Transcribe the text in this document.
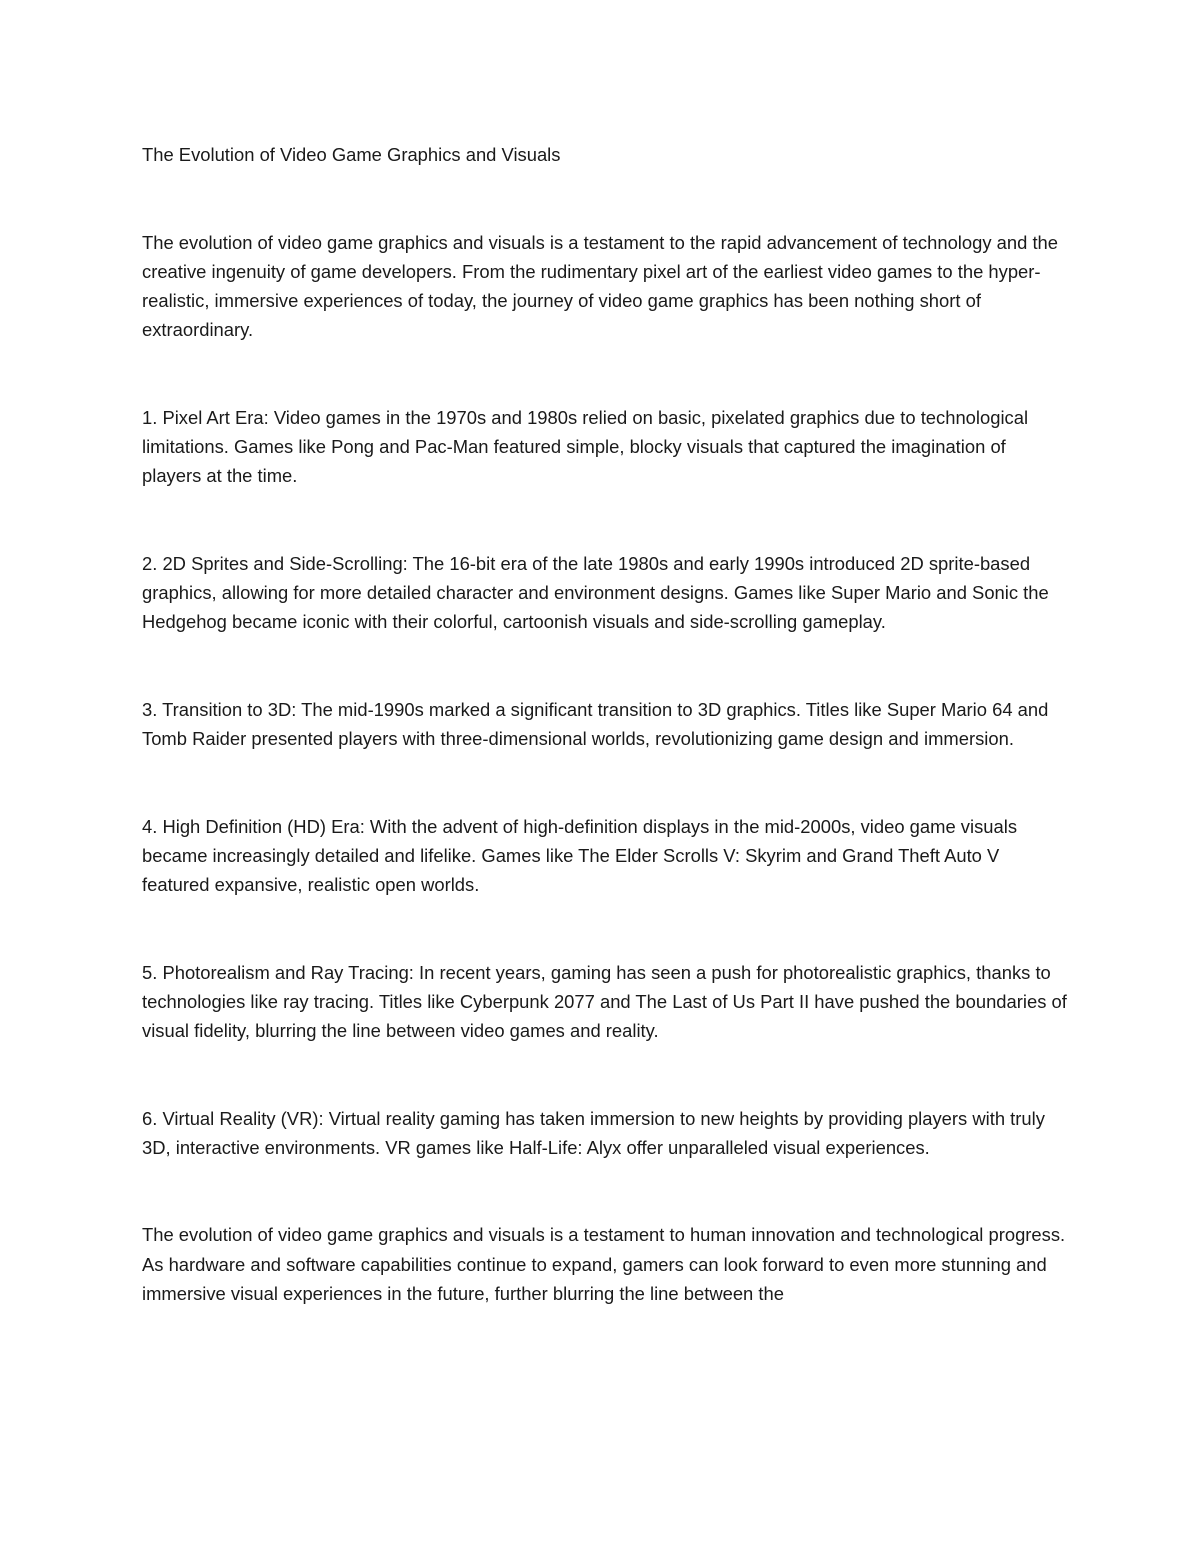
The Evolution of Video Game Graphics and Visuals
The evolution of video game graphics and visuals is a testament to the rapid advancement of technology and the creative ingenuity of game developers. From the rudimentary pixel art of the earliest video games to the hyper-realistic, immersive experiences of today, the journey of video game graphics has been nothing short of extraordinary.
1. Pixel Art Era: Video games in the 1970s and 1980s relied on basic, pixelated graphics due to technological limitations. Games like Pong and Pac-Man featured simple, blocky visuals that captured the imagination of players at the time.
2. 2D Sprites and Side-Scrolling: The 16-bit era of the late 1980s and early 1990s introduced 2D sprite-based graphics, allowing for more detailed character and environment designs. Games like Super Mario and Sonic the Hedgehog became iconic with their colorful, cartoonish visuals and side-scrolling gameplay.
3. Transition to 3D: The mid-1990s marked a significant transition to 3D graphics. Titles like Super Mario 64 and Tomb Raider presented players with three-dimensional worlds, revolutionizing game design and immersion.
4. High Definition (HD) Era: With the advent of high-definition displays in the mid-2000s, video game visuals became increasingly detailed and lifelike. Games like The Elder Scrolls V: Skyrim and Grand Theft Auto V featured expansive, realistic open worlds.
5. Photorealism and Ray Tracing: In recent years, gaming has seen a push for photorealistic graphics, thanks to technologies like ray tracing. Titles like Cyberpunk 2077 and The Last of Us Part II have pushed the boundaries of visual fidelity, blurring the line between video games and reality.
6. Virtual Reality (VR): Virtual reality gaming has taken immersion to new heights by providing players with truly 3D, interactive environments. VR games like Half-Life: Alyx offer unparalleled visual experiences.
The evolution of video game graphics and visuals is a testament to human innovation and technological progress. As hardware and software capabilities continue to expand, gamers can look forward to even more stunning and immersive visual experiences in the future, further blurring the line between the
